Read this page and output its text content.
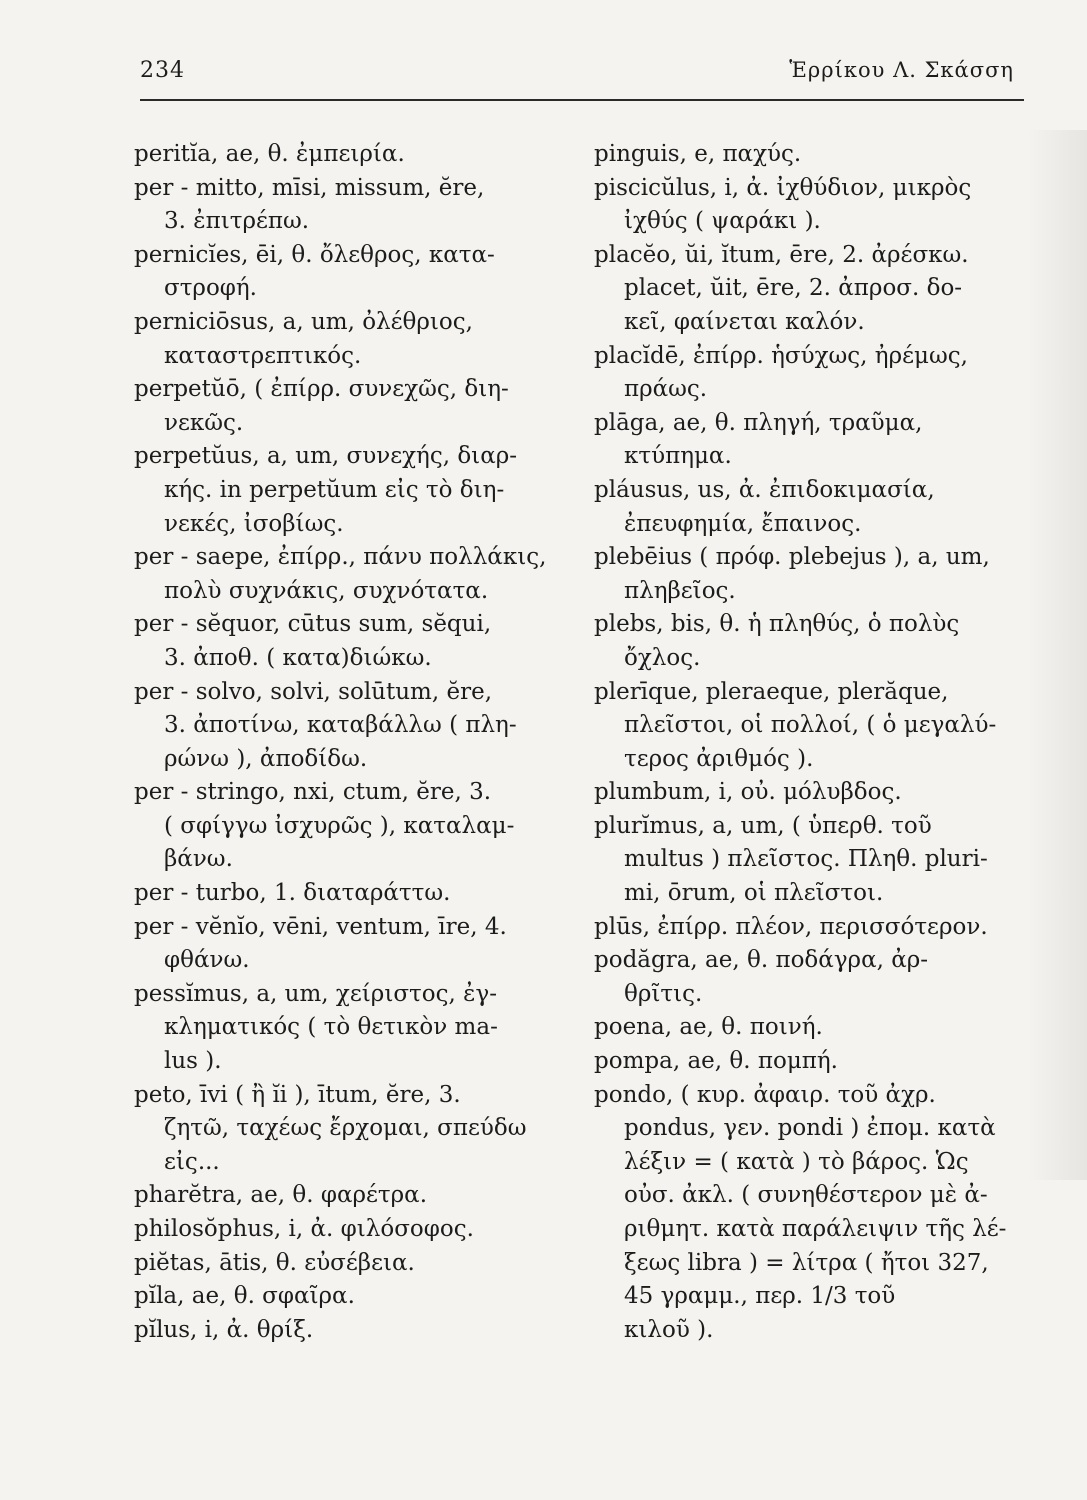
234	Ἑρρίκου Λ. Σκάσση
peritĭa, ae, θ. ἐμπειρία.
per - mitto, mīsi, missum, ĕre,
3. ἐπιτρέπω.
pernicĭes, ēi, θ. ὄλεθρος, κατα-
στροφή.
perniciōsus, a, um, ὀλέθριος,
καταστρεπτικός.
perpetŭō, ( ἐπίρρ. συνεχῶς, διη-
νεκῶς.
perpetŭus, a, um, συνεχής, διαρ-
κής. in perpetŭum εἰς τὸ διη-
νεκές, ἰσοβίως.
per - saepe, ἐπίρρ., πάνυ πολλάκις,
πολὺ συχνάκις, συχνότατα.
per - sĕquor, cūtus sum, sĕqui,
3. ἀποθ. ( κατα)διώκω.
per - solvo, solvi, solūtum, ĕre,
3. ἀποτίνω, καταβάλλω ( πλη-
ρώνω ), ἀποδίδω.
per - stringo, nxi, ctum, ĕre, 3.
( σφίγγω ἰσχυρῶς ), καταλαμ-
βάνω.
per - turbo, 1. διαταράττω.
per - vĕnĭo, vēni, ventum, īre, 4.
φθάνω.
pessĭmus, a, um, χείριστος, ἐγ-
κληματικός ( τὸ θετικὸν ma-
lus ).
peto, īvi ( ἢ ĭi ), ītum, ĕre, 3.
ζητῶ, ταχέως ἔρχομαι, σπεύδω
εἰς...
pharĕtra, ae, θ. φαρέτρα.
philosŏphus, i, ἀ. φιλόσοφος.
piĕtas, ātis, θ. εὐσέβεια.
pĭla, ae, θ. σφαῖρα.
pĭlus, i, ἀ. θρίξ.
pinguis, e, παχύς.
piscicŭlus, i, ἀ. ἰχθύδιον, μικρὸς
ἰχθύς ( ψαράκι ).
placĕo, ŭi, ĭtum, ēre, 2. ἀρέσκω.
placet, ŭit, ēre, 2. ἀπροσ. δο-
κεῖ, φαίνεται καλόν.
placĭdē, ἐπίρρ. ἡσύχως, ἠρέμως,
πράως.
plāga, ae, θ. πληγή, τραῦμα,
κτύπημα.
pláusus, us, ἀ. ἐπιδοκιμασία,
ἐπευφημία, ἔπαινος.
plebēius ( πρόφ. plebejus ), a, um,
πληβεῖος.
plebs, bis, θ. ἡ πληθύς, ὁ πολὺς
ὄχλος.
plerīque, pleraeque, plerăque,
πλεῖστοι, οἱ πολλοί, ( ὁ μεγαλύ-
τερος ἀριθμός ).
plumbum, i, οὐ. μόλυβδος.
plurĭmus, a, um, ( ὑπερθ. τοῦ
multus ) πλεῖστος. Πληθ. pluri-
mi, ōrum, οἱ πλεῖστοι.
plūs, ἐπίρρ. πλέον, περισσότερον.
podăgra, ae, θ. ποδάγρα, ἀρ-
θρῖτις.
poena, ae, θ. ποινή.
pompa, ae, θ. πομπή.
pondo, ( κυρ. ἀφαιρ. τοῦ ἀχρ.
pondus, γεν. pondi ) ἐπομ. κατὰ
λέξιν = ( κατὰ ) τὸ βάρος. Ὡς
οὐσ. ἀκλ. ( συνηθέστερον μὲ ἀ-
ριθμητ. κατὰ παράλειψιν τῆς λέ-
ξεως libra ) = λίτρα ( ἤτοι 327,
45 γραμμ., περ. 1/3 τοῦ
κιλοῦ ).
